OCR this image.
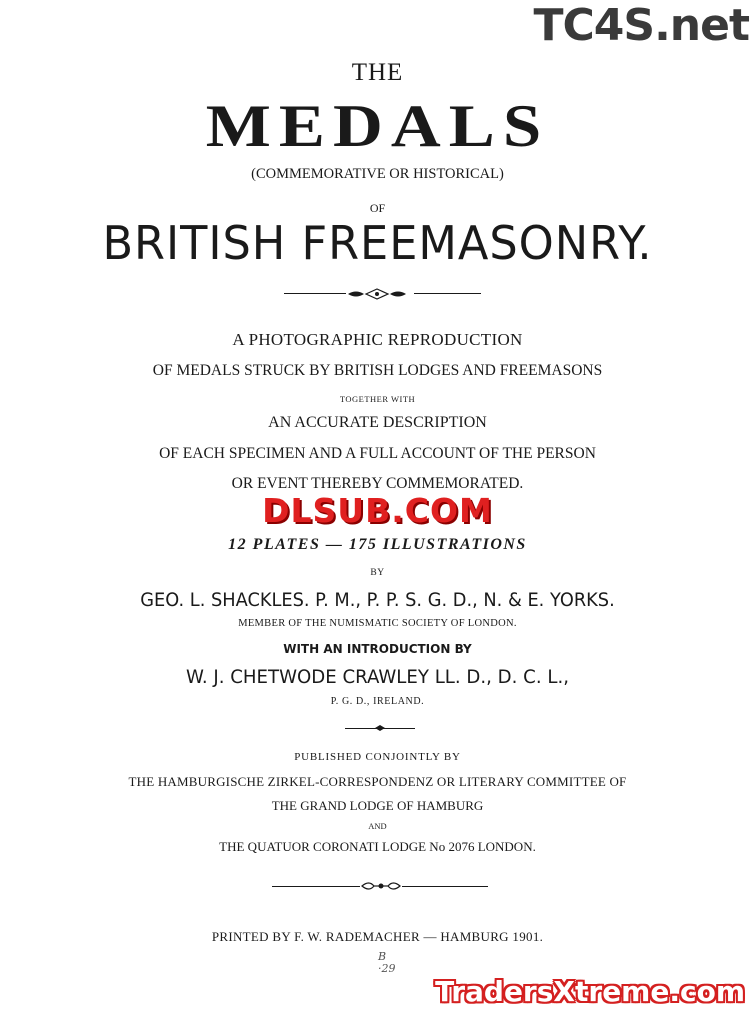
TC4S.net
THE
MEDALS
(COMMEMORATIVE OR HISTORICAL)
OF
BRITISH FREEMASONRY.
A PHOTOGRAPHIC REPRODUCTION
OF MEDALS STRUCK BY BRITISH LODGES AND FREEMASONS
TOGETHER WITH
AN ACCURATE DESCRIPTION
OF EACH SPECIMEN AND A FULL ACCOUNT OF THE PERSON
OR EVENT THEREBY COMMEMORATED.
DLSUB.COM
12 PLATES — 175 ILLUSTRATIONS
BY
GEO. L. SHACKLES. P. M., P. P. S. G. D., N. & E. YORKS.
MEMBER OF THE NUMISMATIC SOCIETY OF LONDON.
WITH AN INTRODUCTION BY
W. J. CHETWODE CRAWLEY LL. D., D. C. L.,
P. G. D., IRELAND.
PUBLISHED CONJOINTLY BY
THE HAMBURGISCHE ZIRKEL-CORRESPONDENZ OR LITERARY COMMITTEE OF
THE GRAND LODGE OF HAMBURG
AND
THE QUATUOR CORONATI LODGE No 2076 LONDON.
PRINTED BY F. W. RADEMACHER — HAMBURG 1901.
B
·29
TradersXtreme.com
